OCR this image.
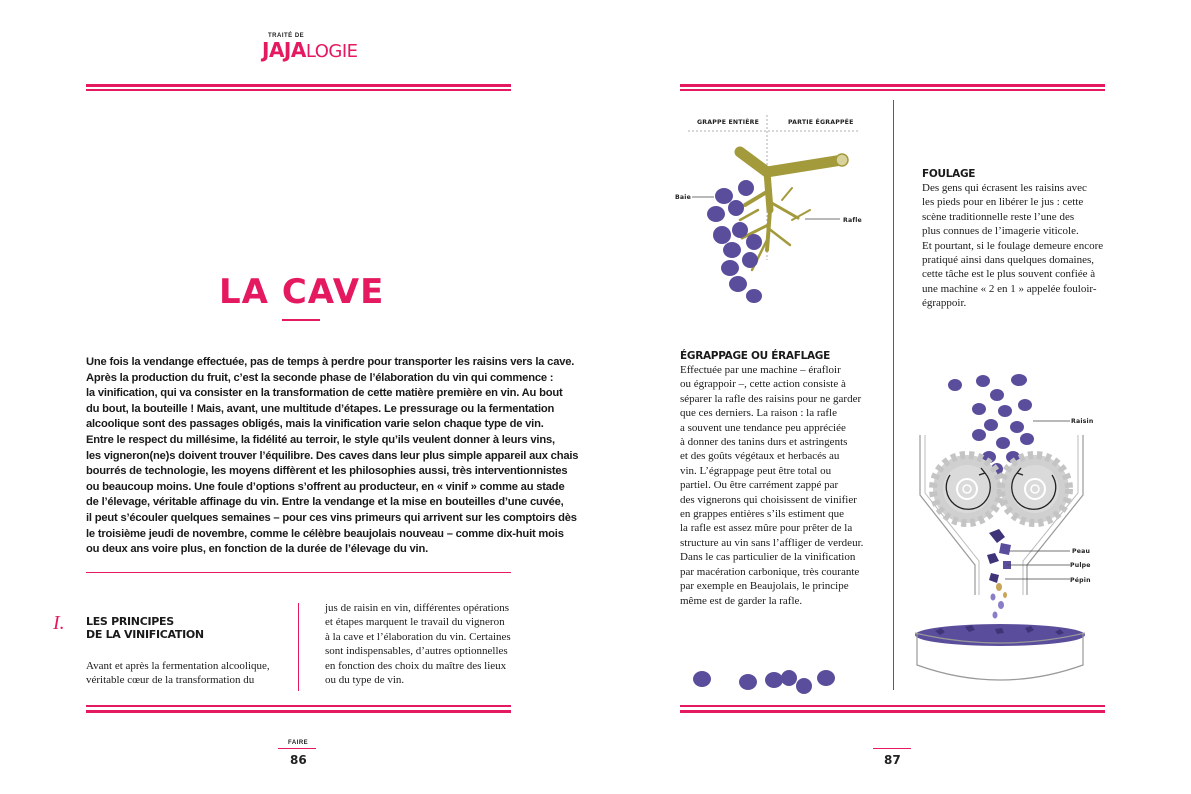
TRAITÉ DE
JAJALOGIE
LA CAVE
Une fois la vendange effectuée, pas de temps à perdre pour transporter les raisins vers la cave.
Après la production du fruit, c’est la seconde phase de l’élaboration du vin qui commence :
la vinification, qui va consister en la transformation de cette matière première en vin. Au bout
du bout, la bouteille ! Mais, avant, une multitude d’étapes. Le pressurage ou la fermentation
alcoolique sont des passages obligés, mais la vinification varie selon chaque type de vin.
Entre le respect du millésime, la fidélité au terroir, le style qu’ils veulent donner à leurs vins,
les vigneron(ne)s doivent trouver l’équilibre. Des caves dans leur plus simple appareil aux chais
bourrés de technologie, les moyens diffèrent et les philosophies aussi, très interventionnistes
ou beaucoup moins. Une foule d’options s’offrent au producteur, en « vinif » comme au stade
de l’élevage, véritable affinage du vin. Entre la vendange et la mise en bouteilles d’une cuvée,
il peut s’écouler quelques semaines – pour ces vins primeurs qui arrivent sur les comptoirs dès
le troisième jeudi de novembre, comme le célèbre beaujolais nouveau – comme dix-huit mois
ou deux ans voire plus, en fonction de la durée de l’élevage du vin.
I. LES PRINCIPES
DE LA VINIFICATION
Avant et après la fermentation alcoolique,
véritable cœur de la transformation du
jus de raisin en vin, différentes opérations
et étapes marquent le travail du vigneron
à la cave et l’élaboration du vin. Certaines
sont indispensables, d’autres optionnelles
en fonction des choix du maître des lieux
ou du type de vin.
FAIRE
86
GRAPPE ENTIÈRE	PARTIE ÉGRAPPÉE
Baie
Rafle
Raisin
Peau
Pulpe
Pépin
ÉGRAPPAGE OU ÉRAFLAGE
Effectuée par une machine – érafloir
ou égrappoir –, cette action consiste à
séparer la rafle des raisins pour ne garder
que ces derniers. La raison : la rafle
a souvent une tendance peu appréciée
à donner des tanins durs et astringents
et des goûts végétaux et herbacés au
vin. L’égrappage peut être total ou
partiel. Ou être carrément zappé par
des vignerons qui choisissent de vinifier
en grappes entières s’ils estiment que
la rafle est assez mûre pour prêter de la
structure au vin sans l’affliger de verdeur.
Dans le cas particulier de la vinification
par macération carbonique, très courante
par exemple en Beaujolais, le principe
même est de garder la rafle.
FOULAGE
Des gens qui écrasent les raisins avec
les pieds pour en libérer le jus : cette
scène traditionnelle reste l’une des
plus connues de l’imagerie viticole.
Et pourtant, si le foulage demeure encore
pratiqué ainsi dans quelques domaines,
cette tâche est le plus souvent confiée à
une machine « 2 en 1 » appelée fouloir-
égrappoir.
87
